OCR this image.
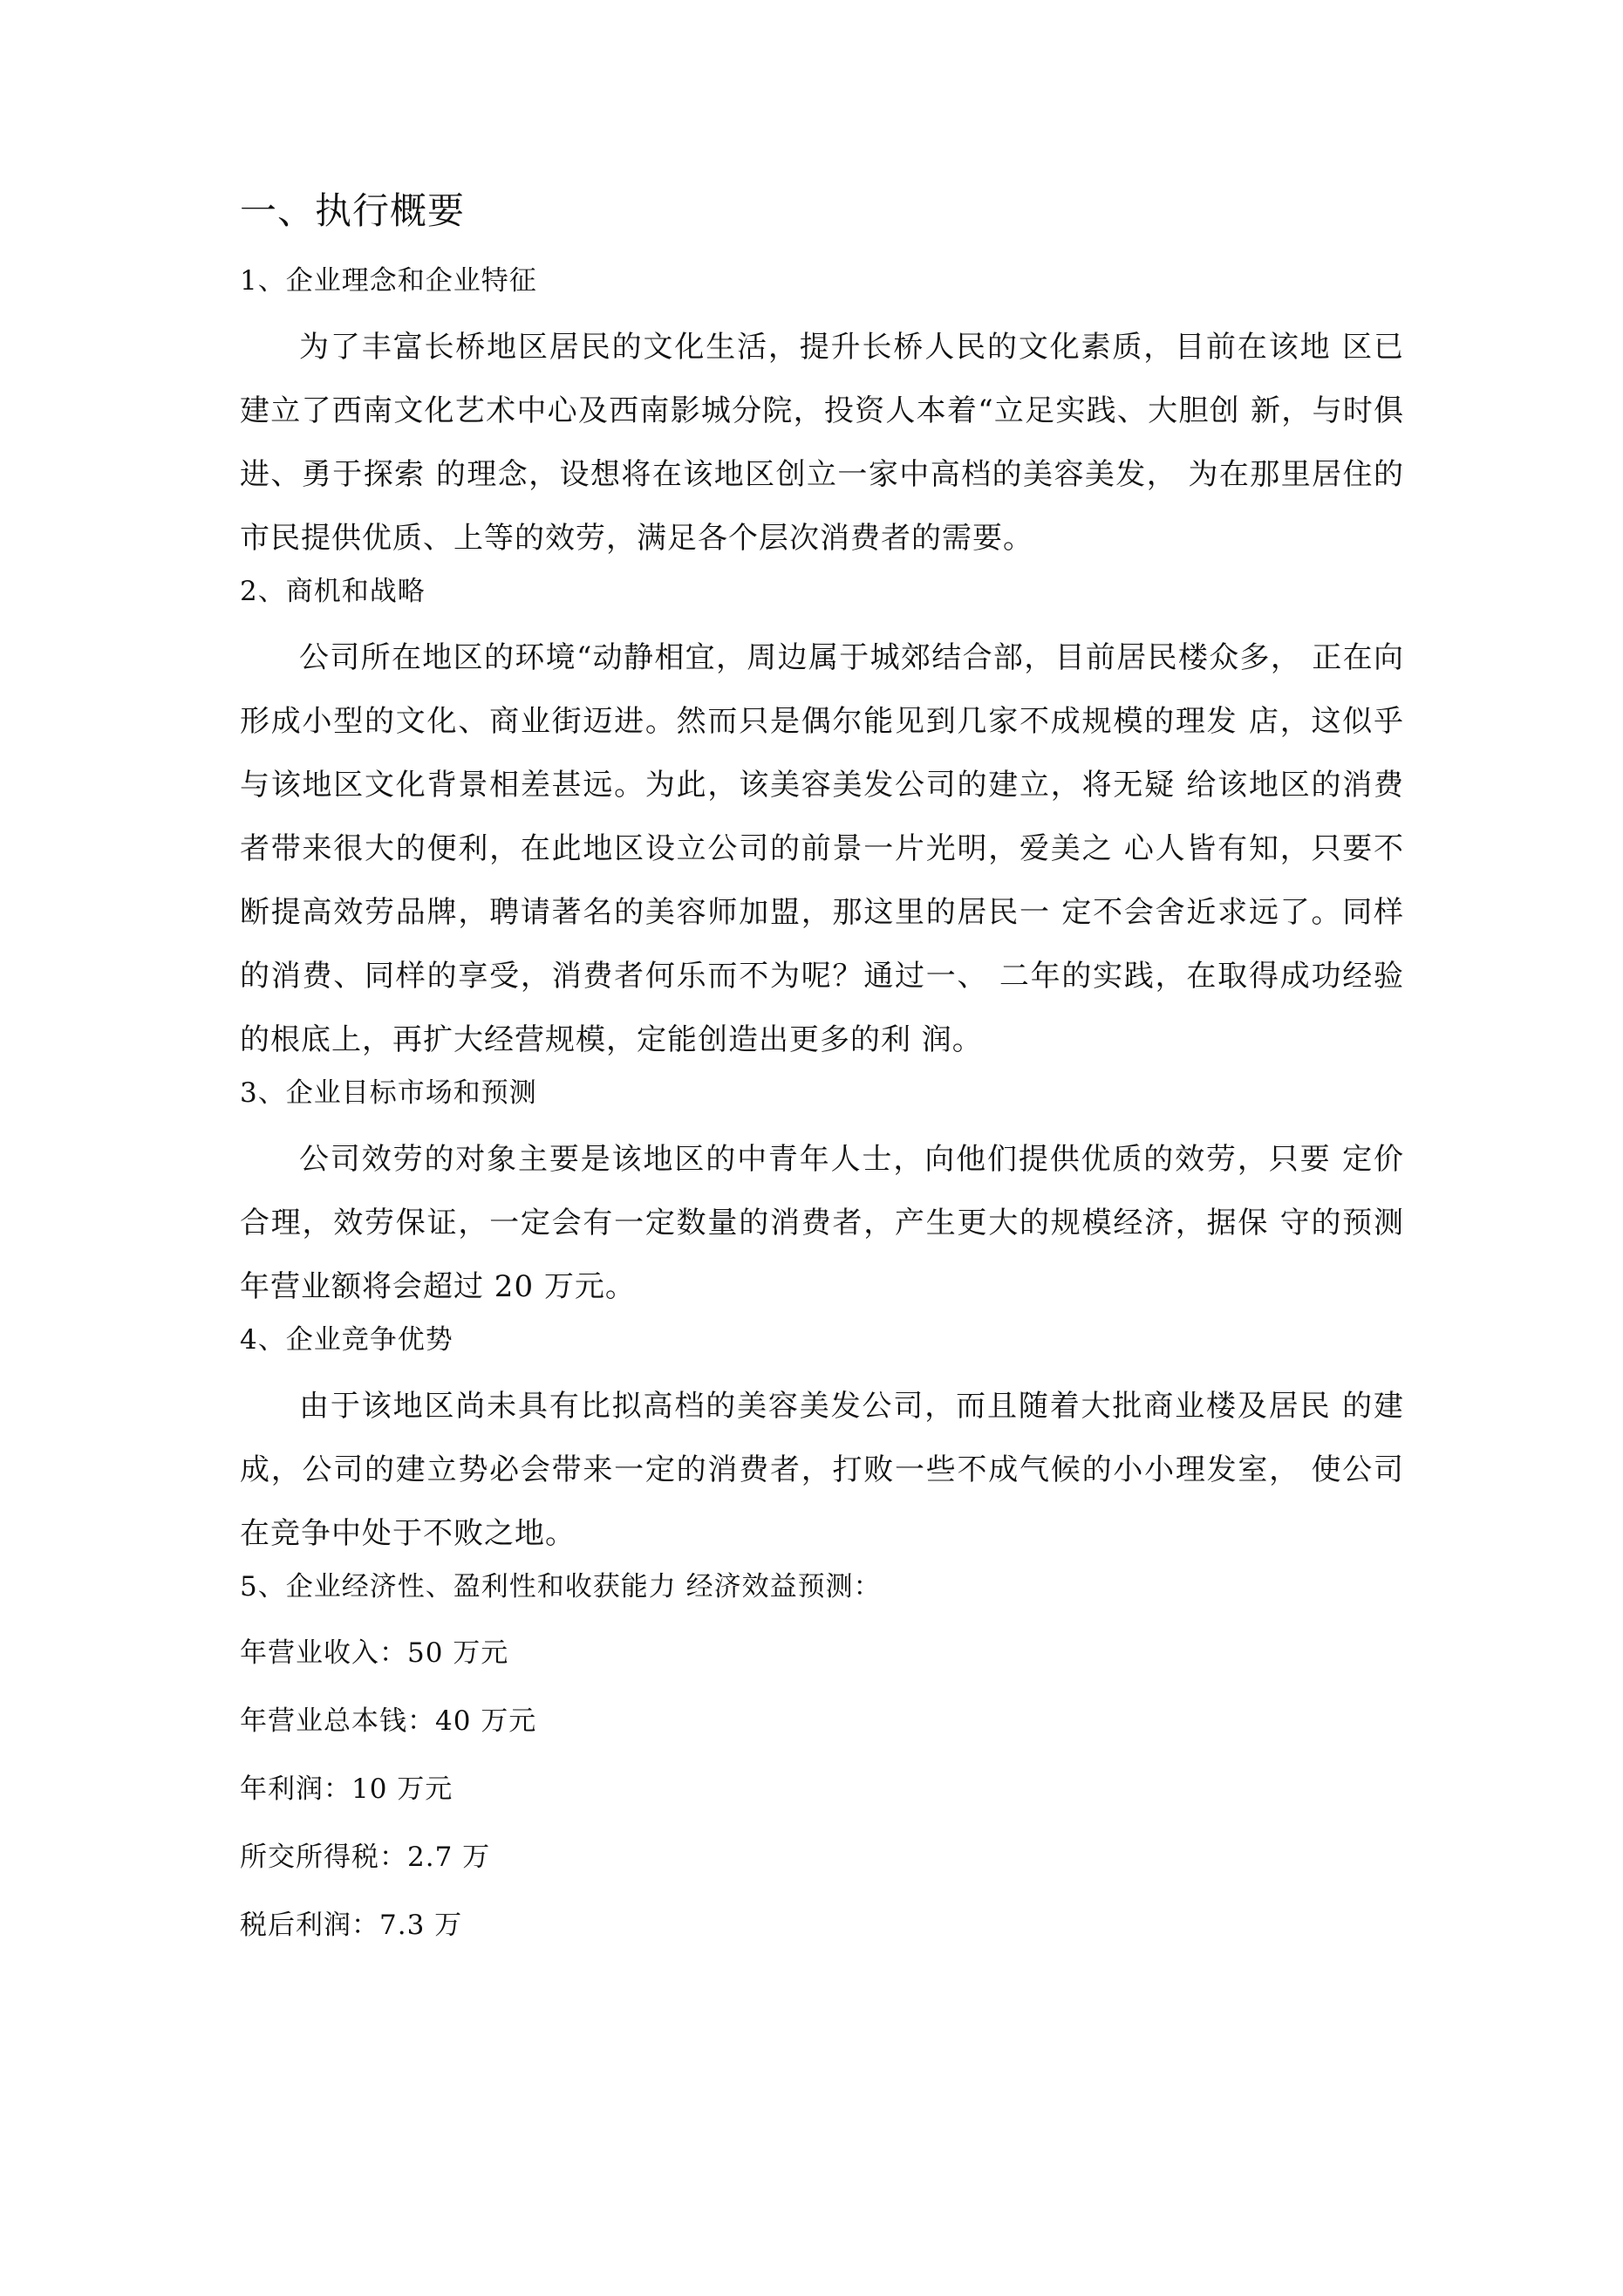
一、执行概要
1、企业理念和企业特征

为了丰富长桥地区居民的文化生活，提升长桥人民的文化素质，目前在该地 区已建立了西南文化艺术中心及西南影城分院，投资人本着“立足实践、大胆创 新，与时俱进、勇于探索 的理念，设想将在该地区创立一家中高档的美容美发， 为在那里居住的市民提供优质、上等的效劳，满足各个层次消费者的需要。

2、商机和战略

公司所在地区的环境“动静相宜，周边属于城郊结合部，目前居民楼众多， 正在向形成小型的文化、商业街迈进。然而只是偶尔能见到几家不成规模的理发 店，这似乎与该地区文化背景相差甚远。为此，该美容美发公司的建立，将无疑 给该地区的消费者带来很大的便利，在此地区设立公司的前景一片光明，爱美之 心人皆有知，只要不断提高效劳品牌，聘请著名的美容师加盟，那这里的居民一 定不会舍近求远了。同样的消费、同样的享受，消费者何乐而不为呢？通过一、 二年的实践，在取得成功经验的根底上，再扩大经营规模，定能创造出更多的利 润。

3、企业目标市场和预测

公司效劳的对象主要是该地区的中青年人士，向他们提供优质的效劳，只要 定价合理，效劳保证，一定会有一定数量的消费者，产生更大的规模经济，据保 守的预测年营业额将会超过 20 万元。

4、企业竞争优势

由于该地区尚未具有比拟高档的美容美发公司，而且随着大批商业楼及居民 的建成，公司的建立势必会带来一定的消费者，打败一些不成气候的小小理发室， 使公司在竞争中处于不败之地。

5、企业经济性、盈利性和收获能力 经济效益预测：
年营业收入：50 万元
年营业总本钱：40 万元
年利润：10 万元
所交所得税：2.7 万
税后利润：7.3 万
